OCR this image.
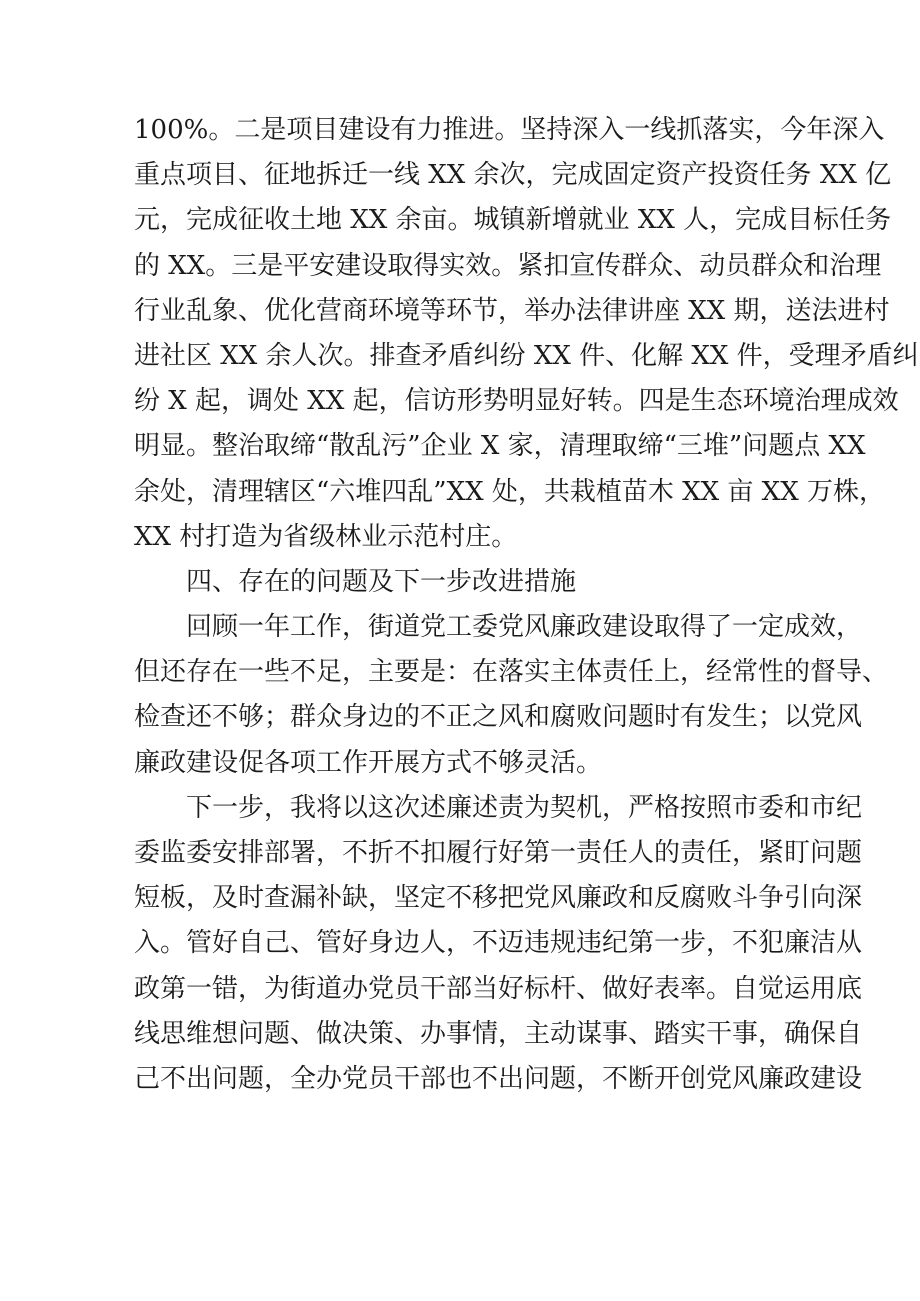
100%。二是项目建设有力推进。坚持深入一线抓落实，今年深入
重点项目、征地拆迁一线 XX 余次，完成固定资产投资任务 XX 亿
元，完成征收土地 XX 余亩。城镇新增就业 XX 人，完成目标任务
的 XX。三是平安建设取得实效。紧扣宣传群众、动员群众和治理
行业乱象、优化营商环境等环节，举办法律讲座 XX 期，送法进村
进社区 XX 余人次。排查矛盾纠纷 XX 件、化解 XX 件，受理矛盾纠
纷 X 起，调处 XX 起，信访形势明显好转。四是生态环境治理成效
明显。整治取缔“散乱污”企业 X 家，清理取缔“三堆”问题点 XX
余处，清理辖区“六堆四乱”XX 处，共栽植苗木 XX 亩 XX 万株，
XX 村打造为省级林业示范村庄。
四、存在的问题及下一步改进措施
回顾一年工作，街道党工委党风廉政建设取得了一定成效，
但还存在一些不足，主要是：在落实主体责任上，经常性的督导、
检查还不够；群众身边的不正之风和腐败问题时有发生；以党风
廉政建设促各项工作开展方式不够灵活。
下一步，我将以这次述廉述责为契机，严格按照市委和市纪
委监委安排部署，不折不扣履行好第一责任人的责任，紧盯问题
短板，及时查漏补缺，坚定不移把党风廉政和反腐败斗争引向深
入。管好自己、管好身边人，不迈违规违纪第一步，不犯廉洁从
政第一错，为街道办党员干部当好标杆、做好表率。自觉运用底
线思维想问题、做决策、办事情，主动谋事、踏实干事，确保自
己不出问题，全办党员干部也不出问题，不断开创党风廉政建设
